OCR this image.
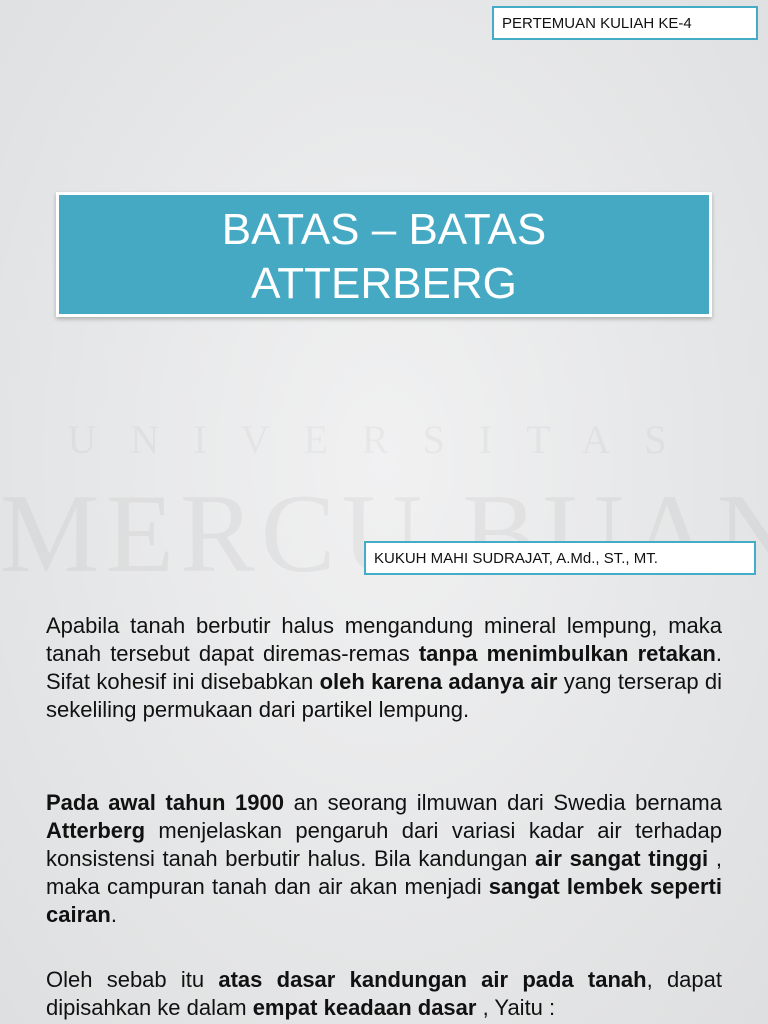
PERTEMUAN KULIAH KE-4
BATAS – BATAS
ATTERBERG
KUKUH MAHI SUDRAJAT, A.Md., ST., MT.
Apabila tanah berbutir halus mengandung mineral lempung, maka tanah tersebut dapat diremas-remas tanpa menimbulkan retakan. Sifat kohesif ini disebabkan oleh karena adanya air yang terserap di sekeliling permukaan dari partikel lempung.
Pada awal tahun 1900 an seorang ilmuwan dari Swedia bernama Atterberg menjelaskan pengaruh dari variasi kadar air terhadap konsistensi tanah berbutir halus. Bila kandungan air sangat tinggi , maka campuran tanah dan air akan menjadi sangat lembek seperti cairan.
Oleh sebab itu atas dasar kandungan air pada tanah, dapat dipisahkan ke dalam empat keadaan dasar , Yaitu :
